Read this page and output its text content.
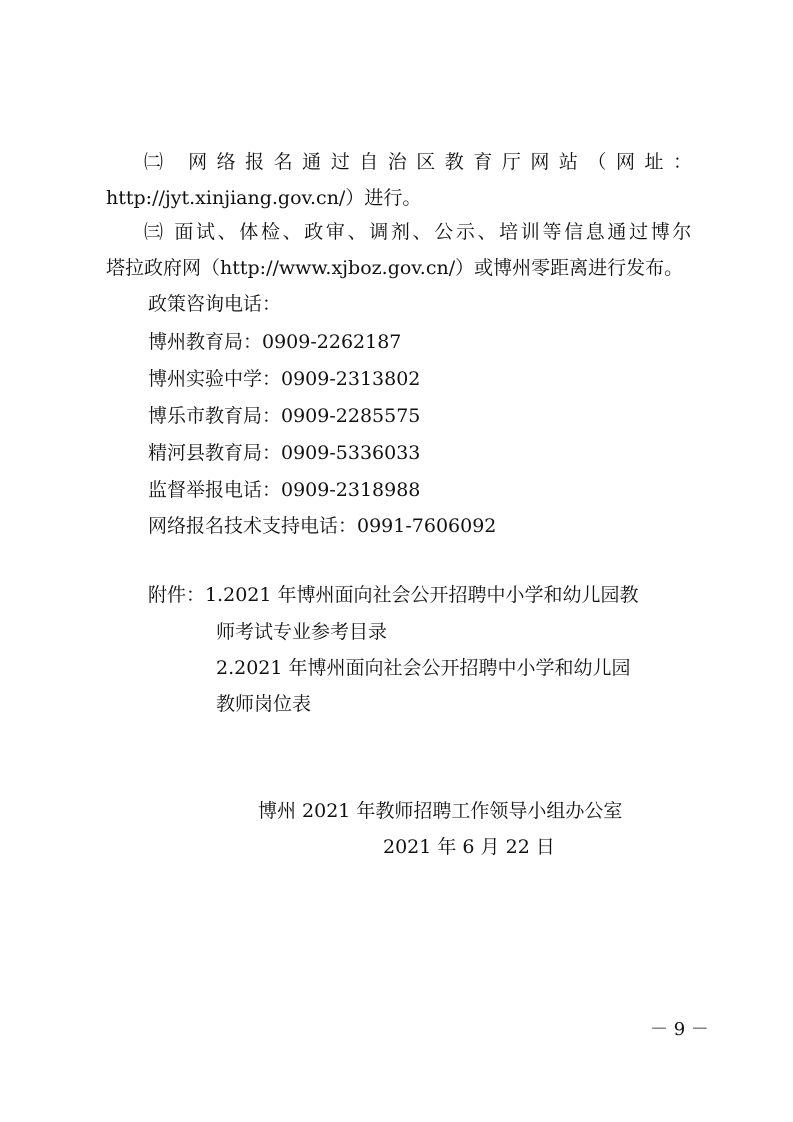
㈡ 网络报名通过自治区教育厅网站（网址：
http://jyt.xinjiang.gov.cn/）进行。
㈢ 面试、体检、政审、调剂、公示、培训等信息通过博尔
塔拉政府网（http://www.xjboz.gov.cn/）或博州零距离进行发布。
政策咨询电话：
博州教育局：0909-2262187
博州实验中学：0909-2313802
博乐市教育局：0909-2285575
精河县教育局：0909-5336033
监督举报电话：0909-2318988
网络报名技术支持电话：0991-7606092
附件：1.2021 年博州面向社会公开招聘中小学和幼儿园教
师考试专业参考目录
2.2021 年博州面向社会公开招聘中小学和幼儿园
教师岗位表
博州 2021 年教师招聘工作领导小组办公室
2021 年 6 月 22 日
－ 9 －
